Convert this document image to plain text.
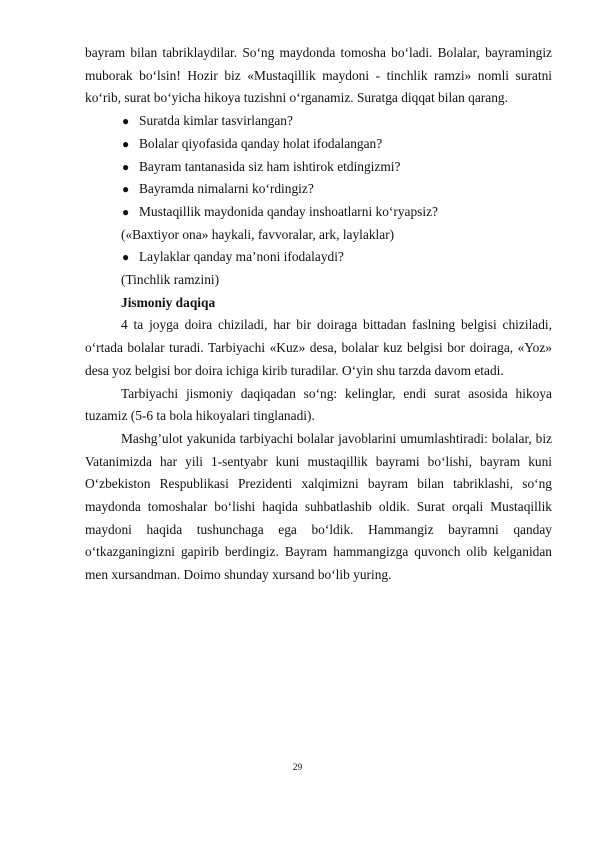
bayram bilan tabriklaydilar. So‘ng maydonda tomosha bo‘ladi. Bolalar, bayramingiz muborak bo‘lsin! Hozir biz «Mustaqillik maydoni - tinchlik ramzi» nomli suratni ko‘rib, surat bo‘yicha hikoya tuzishni o‘rganamiz. Suratga diqqat bilan qarang.

● Suratda kimlar tasvirlangan?
● Bolalar qiyofasida qanday holat ifodalangan?
● Bayram tantanasida siz ham ishtirok etdingizmi?
● Bayramda nimalarni ko‘rdingiz?
● Mustaqillik maydonida qanday inshoatlarni ko‘ryapsiz?

(«Baxtiyor ona» haykali, favvoralar, ark, laylaklar)

● Laylaklar qanday ma’noni ifodalaydi?

(Tinchlik ramzini)

Jismoniy daqiqa

4 ta joyga doira chiziladi, har bir doiraga bittadan faslning belgisi chiziladi, o‘rtada bolalar turadi. Tarbiyachi «Kuz» desa, bolalar kuz belgisi bor doiraga, «Yoz» desa yoz belgisi bor doira ichiga kirib turadilar. O‘yin shu tarzda davom etadi.

Tarbiyachi jismoniy daqiqadan so‘ng: kelinglar, endi surat asosida hikoya tuzamiz (5-6 ta bola hikoyalari tinglanadi).

Mashg’ulot yakunida tarbiyachi bolalar javoblarini umumlashtiradi: bolalar, biz Vatanimizda har yili 1-sentyabr kuni mustaqillik bayrami bo‘lishi, bayram kuni O‘zbekiston Respublikasi Prezidenti xalqimizni bayram bilan tabriklashi, so‘ng maydonda tomoshalar bo‘lishi haqida suhbatlashib oldik. Surat orqali Mustaqillik maydoni haqida tushunchaga ega bo‘ldik. Hammangiz bayramni qanday o‘tkazganingizni gapirib berdingiz. Bayram hammangizga quvonch olib kelganidan men xursandman. Doimo shunday xursand bo‘lib yuring.

29
